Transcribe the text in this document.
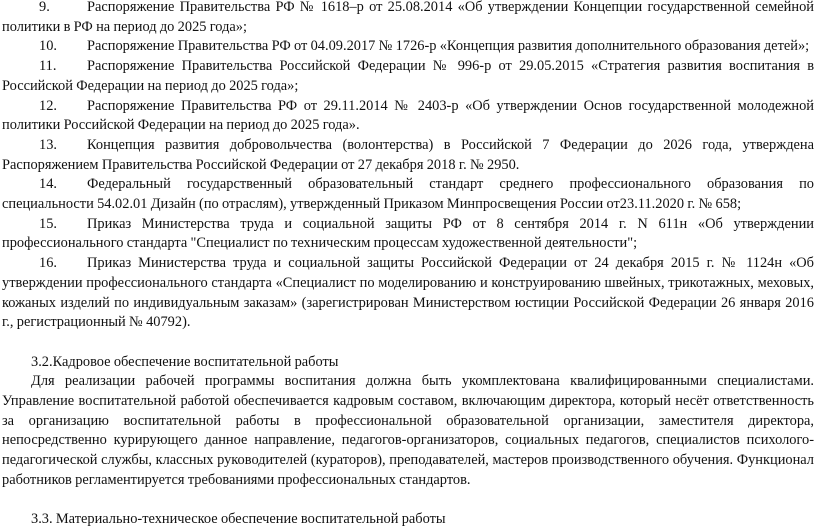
9.	Распоряжение Правительства РФ № 1618–р от 25.08.2014 «Об утверждении Концепции государственной семейной политики в РФ на период до 2025 года»;

10. Распоряжение Правительства РФ от 04.09.2017 № 1726-р «Концепция развития дополнительного образования детей»;

11. Распоряжение Правительства Российской Федерации № 996-р от 29.05.2015 «Стратегия развития воспитания в Российской Федерации на период до 2025 года»;

12. Распоряжение Правительства РФ от 29.11.2014 № 2403-р «Об утверждении Основ государственной молодежной политики Российской Федерации на период до 2025 года».

13. Концепция развития добровольчества (волонтерства) в Российской 7 Федерации до 2026 года, утверждена Распоряжением Правительства Российской Федерации от 27 декабря 2018 г. № 2950.

14. Федеральный государственный образовательный стандарт среднего профессионального образования по специальности 54.02.01 Дизайн (по отраслям), утвержденный Приказом Минпросвещения России от23.11.2020 г. № 658;

15. Приказ Министерства труда и социальной защиты РФ от 8 сентября 2014 г. N 611н «Об утверждении профессионального стандарта "Специалист по техническим процессам художественной деятельности";

16. Приказ Министерства труда и социальной защиты Российской Федерации от 24 декабря 2015 г. № 1124н «Об утверждении профессионального стандарта «Специалист по моделированию и конструированию швейных, трикотажных, меховых, кожаных изделий по индивидуальным заказам» (зарегистрирован Министерством юстиции Российской Федерации 26 января 2016 г., регистрационный № 40792).

3.2.Кадровое обеспечение воспитательной работы

Для реализации рабочей программы воспитания должна быть укомплектована квалифицированными специалистами. Управление воспитательной работой обеспечивается кадровым составом, включающим директора, который несёт ответственность за организацию воспитательной работы в профессиональной образовательной организации, заместителя директора, непосредственно курирующего данное направление, педагогов-организаторов, социальных педагогов, специалистов психолого-педагогической службы, классных руководителей (кураторов), преподавателей, мастеров производственного обучения. Функционал работников регламентируется требованиями профессиональных стандартов.

3.3. Материально-техническое обеспечение воспитательной работы
